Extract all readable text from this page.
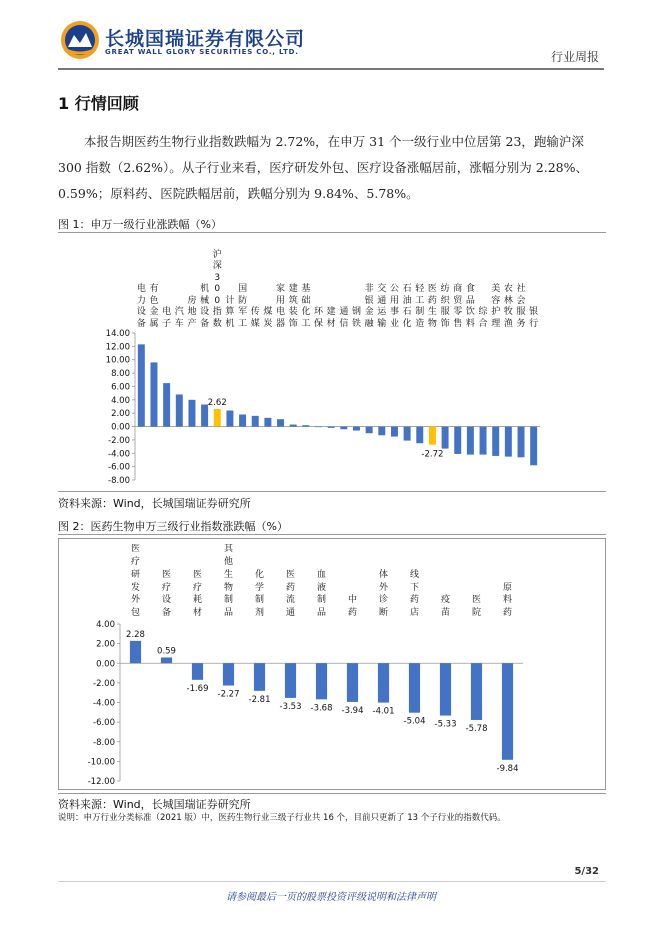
长城国瑞证券有限公司
GREAT WALL GLORY SECURITIES CO., LTD.	行业周报
1 行情回顾
本报告期医药生物行业指数跌幅为 2.72%，在申万 31 个一级行业中位居第 23，跑输沪深 300 指数（2.62%）。从子行业来看，医疗研发外包、医疗设备涨幅居前，涨幅分别为 2.28%、0.59%；原料药、医院跌幅居前，跌幅分别为 9.84%、5.78%。
图 1：申万一级行业涨跌幅（%）
14.00
12.00
10.00
8.00
6.00
4.00
2.00
0.00
-2.00
-4.00
-6.00
-8.00
电力设备
有色金属
电子
汽车
房地产
机械设备
沪深300指数
计算机
国防军工
传媒
煤炭
家用电器
建筑装饰
基础化工
环保
建材
通信
钢铁
非银金融
交通运输
公用事业
石油石化
轻工制造
医药生物
纺织服饰
商贸零售
食品饮料
综合
美容护理
农林牧渔
社会服务
银行
2.62
-2.72
资料来源：Wind，长城国瑞证券研究所
图 2：医药生物申万三级行业指数涨跌幅（%）
4.00
2.00
0.00
-2.00
-4.00
-6.00
-8.00
-10.00
-12.00
医疗研发外包
医疗设备
医疗耗材
其他生物制品
化学制剂
医药流通
血液制品
中药
体外诊断
线下药店
疫苗
医院
原料药
2.28
0.59
-1.69
-2.27
-2.81
-3.53 -3.68 -3.94 -4.01
-5.04 -5.33 -5.78
-9.84
资料来源：Wind，长城国瑞证券研究所
说明：申万行业分类标准（2021 版）中，医药生物行业三级子行业共 16 个，目前只更新了 13 个子行业的指数代码。
5/32
请参阅最后一页的股票投资评级说明和法律声明
